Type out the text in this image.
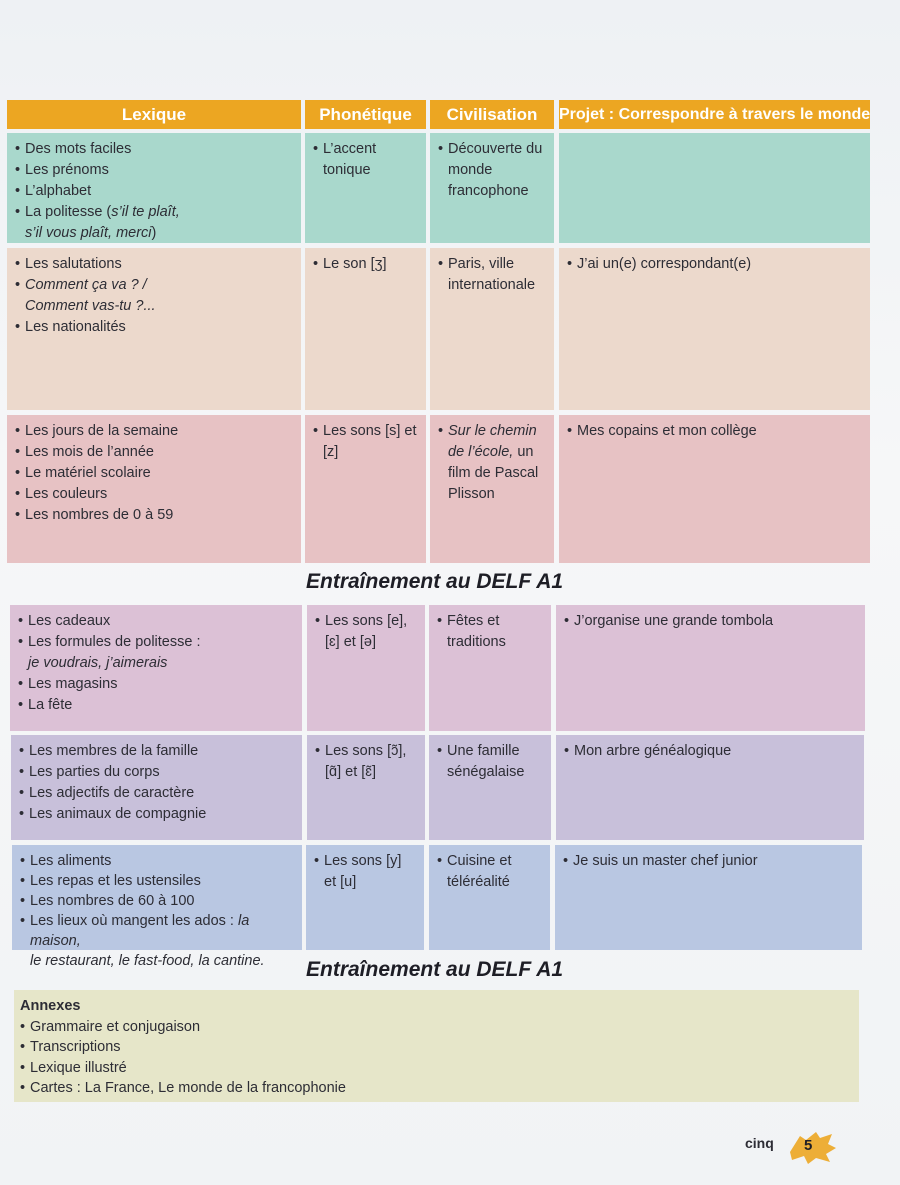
Lexique	Phonétique	Civilisation	Projet : Correspondre à travers le monde
• Des mots faciles
• Les prénoms
• L’alphabet
• La politesse (s’il te plaît,
s’il vous plaît, merci)
• L’accent tonique
• Découverte du monde francophone
• Les salutations
• Comment ça va ? /
Comment vas-tu ?...
• Les nationalités
• Le son [ʒ]
•	Paris, ville internationale
• J’ai un(e) correspondant(e)
• Les jours de la semaine
• Les mois de l’année
• Le matériel scolaire
• Les couleurs
• Les nombres de 0 à 59
• Les sons [s] et [z]
• Sur le chemin de l’école, un film de Pascal Plisson
• Mes copains et mon collège
Entraînement au DELF A1
• Les cadeaux
• Les formules de politesse :
je voudrais, j’aimerais
• Les magasins
• La fête
• Les sons [e], [ɛ] et [ə]
• Fêtes et traditions
• J’organise une grande tombola
• Les membres de la famille
• Les parties du corps
• Les adjectifs de caractère
• Les animaux de compagnie
• Les sons [ɔ̃], [ɑ̃] et [ɛ̃]
• Une famille sénégalaise
• Mon arbre généalogique
• Les aliments
• Les repas et les ustensiles
• Les nombres de 60 à 100
• Les lieux où mangent les ados : la maison,
le restaurant, le fast-food, la cantine.
• Les sons [y] et [u]
• Cuisine et téléréalité
• Je suis un master chef junior
Entraînement au DELF A1
Annexes
• Grammaire et conjugaison
• Transcriptions
• Lexique illustré
• Cartes : La France, Le monde de la francophonie
cinq 5
